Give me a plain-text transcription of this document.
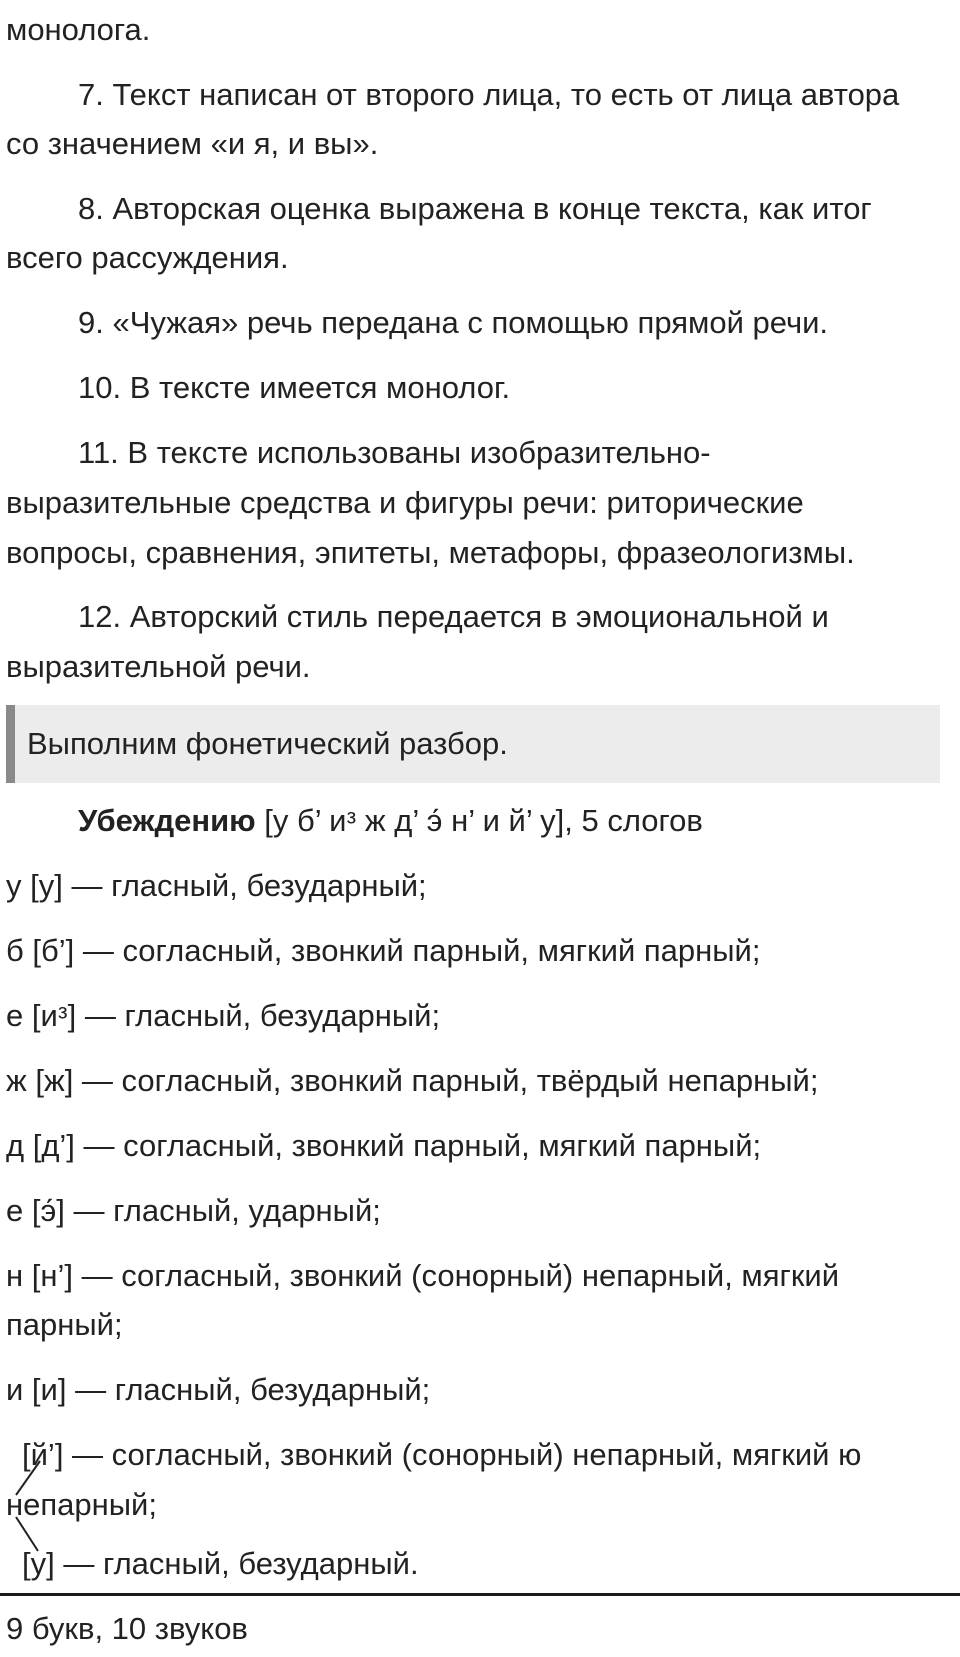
монолога.
7. Текст написан от второго лица, то есть от лица автора
со значением «и я, и вы».
8. Авторская оценка выражена в конце текста, как итог
всего рассуждения.
9. «Чужая» речь передана с помощью прямой речи.
10. В тексте имеется монолог.
11. В тексте использованы изобразительно-
выразительные средства и фигуры речи: риторические
вопросы, сравнения, эпитеты, метафоры, фразеологизмы.
12. Авторский стиль передается в эмоциональной и
выразительной речи.
Выполним фонетический разбор.
Убеждению [у б’ иᵌ ж д’ э́ н’ и й’ у], 5 слогов
у [у] — гласный, безударный;
б [б’] — согласный, звонкий парный, мягкий парный;
е [иᵌ] — гласный, безударный;
ж [ж] — согласный, звонкий парный, твёрдый непарный;
д [д’] — согласный, звонкий парный, мягкий парный;
е [э́] — гласный, ударный;
н [н’] — согласный, звонкий (сонорный) непарный, мягкий
парный;
и [и] — гласный, безударный;
[й’] — согласный, звонкий (сонорный) непарный, мягкий ю
непарный;
[у] — гласный, безударный.
9 букв, 10 звуков
